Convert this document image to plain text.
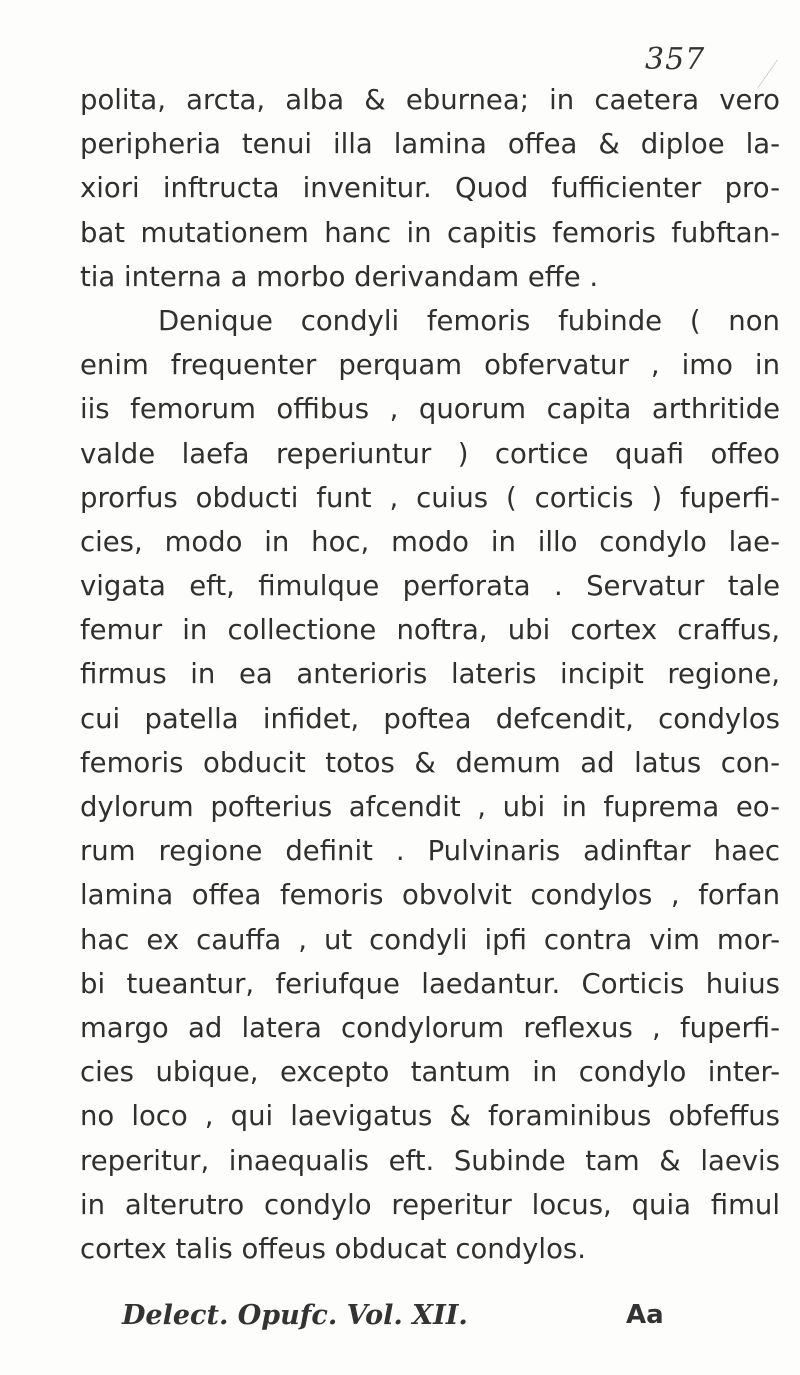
357
polita, arcta, alba & eburnea; in caetera vero
peripheria tenui illa lamina offea & diploe la-
xiori inftructa invenitur. Quod fufficienter pro-
bat mutationem hanc in capitis femoris fubftan-
tia interna a morbo derivandam effe .
Denique condyli femoris fubinde ( non
enim frequenter perquam obfervatur , imo in
iis femorum offibus , quorum capita arthritide
valde laefa reperiuntur ) cortice quafi offeo
prorfus obducti funt , cuius ( corticis ) fuperfi-
cies, modo in hoc, modo in illo condylo lae-
vigata eft, fimulque perforata . Servatur tale
femur in collectione noftra, ubi cortex craffus,
firmus in ea anterioris lateris incipit regione,
cui patella infidet, poftea defcendit, condylos
femoris obducit totos & demum ad latus con-
dylorum pofterius afcendit , ubi in fuprema eo-
rum regione definit . Pulvinaris adinftar haec
lamina offea femoris obvolvit condylos , forfan
hac ex cauffa , ut condyli ipfi contra vim mor-
bi tueantur, feriufque laedantur. Corticis huius
margo ad latera condylorum reflexus , fuperfi-
cies ubique, excepto tantum in condylo inter-
no loco , qui laevigatus & foraminibus obfeffus
reperitur, inaequalis eft. Subinde tam & laevis
in alterutro condylo reperitur locus, quia fimul
cortex talis offeus obducat condylos.
Delect. Opufc. Vol. XII.	Aa
